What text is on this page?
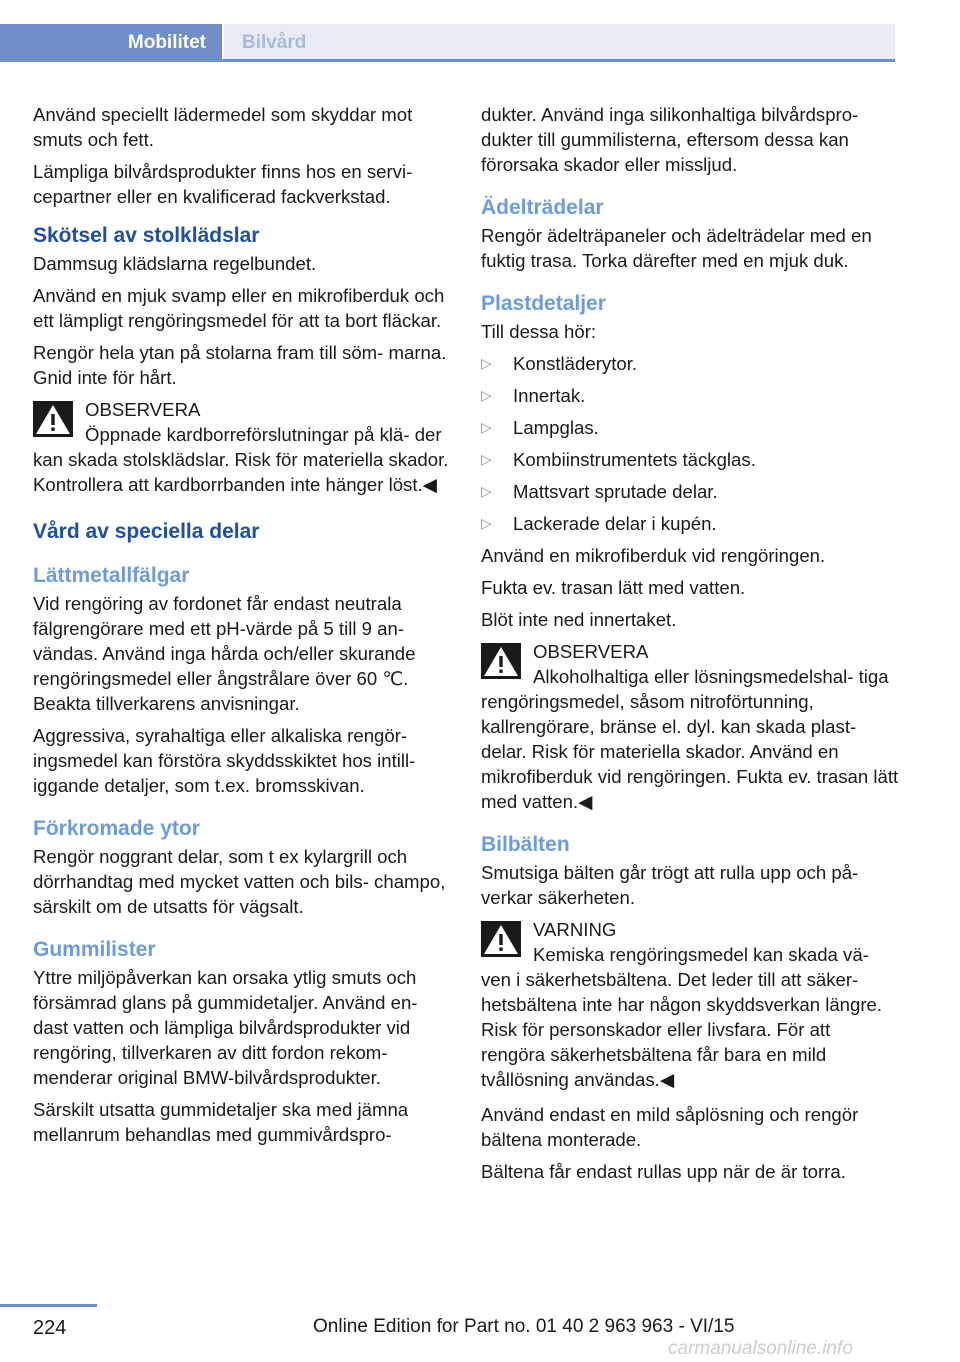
Mobilitet	Bilvård

Använd speciellt lädermedel som skyddar mot smuts och fett.

Lämpliga bilvårdsprodukter finns hos en servi‐ cepartner eller en kvalificerad fackverkstad.

Skötsel av stolklädslar

Dammsug klädslarna regelbundet.

Använd en mjuk svamp eller en mikrofiberduk och ett lämpligt rengöringsmedel för att ta bort fläckar.

Rengör hela ytan på stolarna fram till söm‐ marna. Gnid inte för hårt.

OBSERVERA

Öppnade kardborreförslutningar på klä‐ der kan skada stolsklädslar. Risk för materiella skador. Kontrollera att kardborrbanden inte hänger löst.◀

Vård av speciella delar
Lättmetallfälgar

Vid rengöring av fordonet får endast neutrala fälgrengörare med ett pH-värde på 5 till 9 an‐ vändas. Använd inga hårda och/eller skurande rengöringsmedel eller ångstrålare över 60 ℃. Beakta tillverkarens anvisningar.

Aggressiva, syrahaltiga eller alkaliska rengör‐ ingsmedel kan förstöra skyddsskiktet hos intill‐ iggande detaljer, som t.ex. bromsskivan.

Förkromade ytor

Rengör noggrant delar, som t ex kylargrill och dörrhandtag med mycket vatten och bils‐ champo, särskilt om de utsatts för vägsalt.

Gummilister

Yttre miljöpåverkan kan orsaka ytlig smuts och försämrad glans på gummidetaljer. Använd en‐ dast vatten och lämpliga bilvårdsprodukter vid rengöring, tillverkaren av ditt fordon rekom‐ menderar original BMW-bilvårdsprodukter.

Särskilt utsatta gummidetaljer ska med jämna mellanrum behandlas med gummivårdspro‐

dukter. Använd inga silikonhaltiga bilvårdspro‐ dukter till gummilisterna, eftersom dessa kan förorsaka skador eller missljud.

Ädelträdelar

Rengör ädelträpaneler och ädelträdelar med en fuktig trasa. Torka därefter med en mjuk duk.

Plastdetaljer

Till dessa hör:

▷ Konstläderytor.
▷ Innertak.
▷ Lampglas.
▷ Kombiinstrumentets täckglas.
▷ Mattsvart sprutade delar.
▷ Lackerade delar i kupén.

Använd en mikrofiberduk vid rengöringen.

Fukta ev. trasan lätt med vatten.

Blöt inte ned innertaket.

OBSERVERA

Alkoholhaltiga eller lösningsmedelshal‐ tiga rengöringsmedel, såsom nitroförtunning, kallrengörare, bränse el. dyl. kan skada plast‐ delar. Risk för materiella skador. Använd en mikrofiberduk vid rengöringen. Fukta ev. trasan lätt med vatten.◀

Bilbälten

Smutsiga bälten går trögt att rulla upp och på‐ verkar säkerheten.

VARNING

Kemiska rengöringsmedel kan skada vä‐ ven i säkerhetsbältena. Det leder till att säker‐ hetsbältena inte har någon skyddsverkan längre. Risk för personskador eller livsfara. För att rengöra säkerhetsbältena får bara en mild tvållösning användas.◀

Använd endast en mild såplösning och rengör bältena monterade.

Bältena får endast rullas upp när de är torra.

224	Online Edition for Part no. 01 40 2 963 963 - VI/15
carmanualsonline.info
